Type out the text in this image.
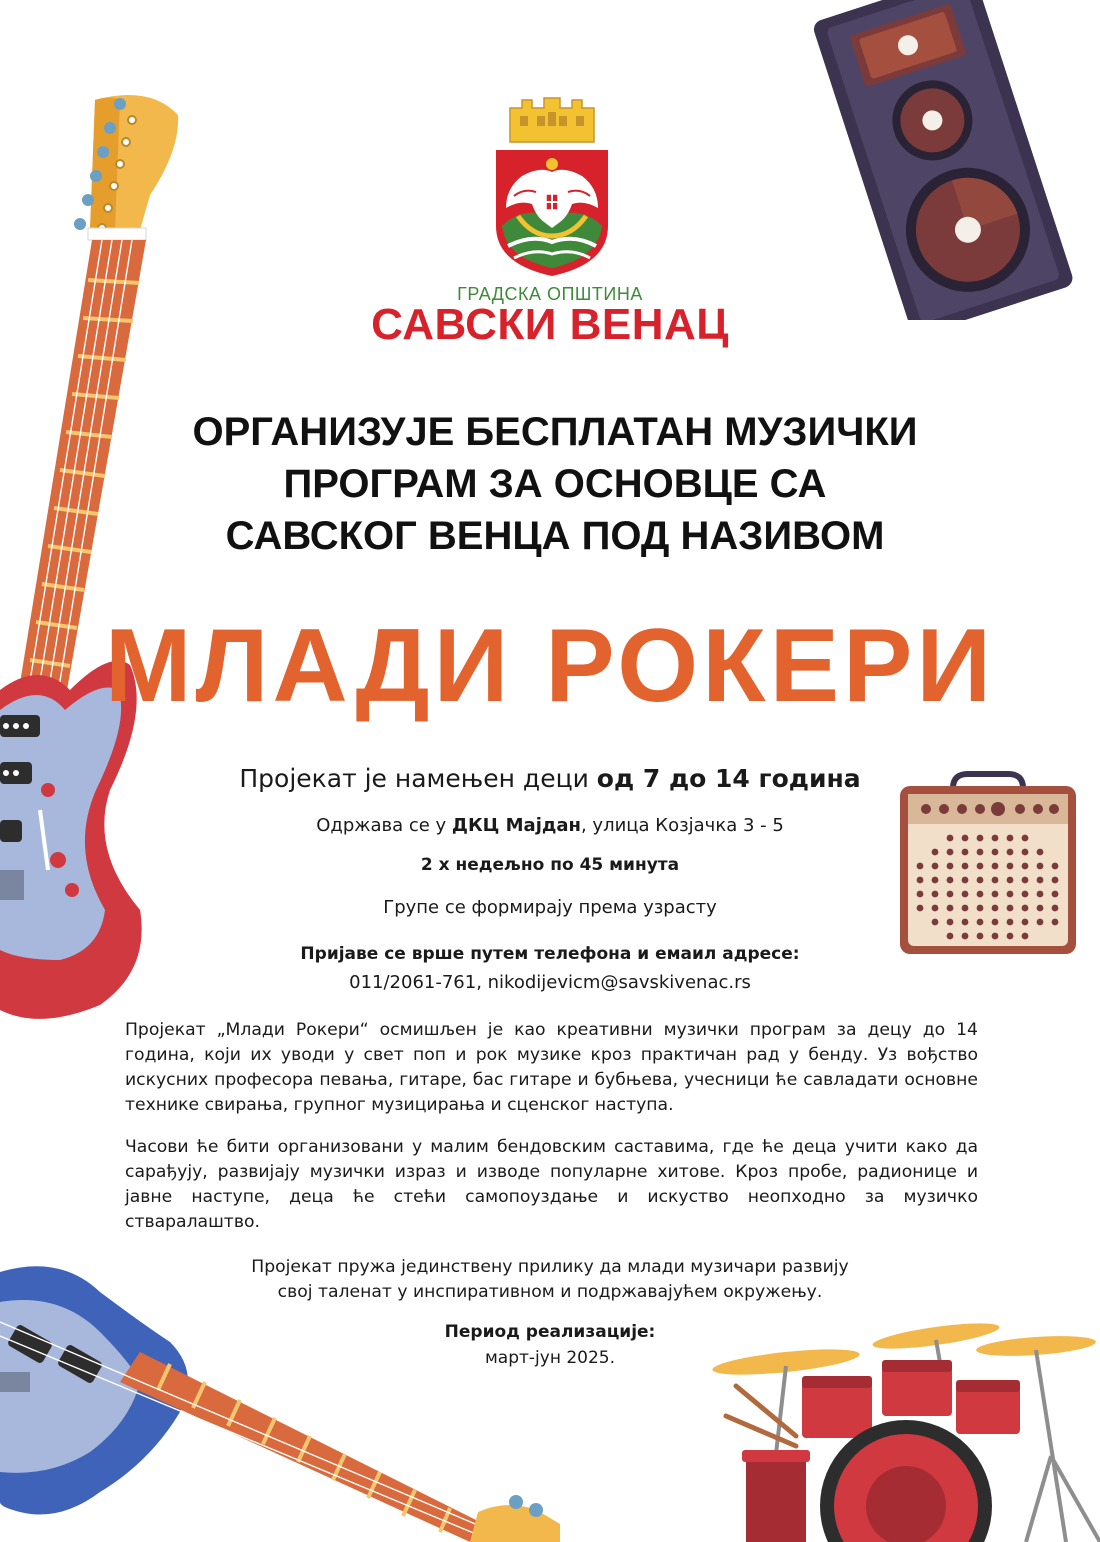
ГРАДСКА ОПШТИНА
САВСКИ ВЕНАЦ
ОРГАНИЗУЈЕ БЕСПЛАТАН МУЗИЧКИ
ПРОГРАМ ЗА ОСНОВЦЕ СА
САВСКОГ ВЕНЦА ПОД НАЗИВОМ
МЛАДИ РОКЕРИ
Пројекат је намењен деци од 7 до 14 година
Одржава се у ДКЦ Мајдан, улица Козјачка 3 - 5
2 х недељно по 45 минута
Групе се формирају према узрасту
Пријаве се врше путем телефона и емаил адресе:
011/2061-761, nikodijevicm@savskivenac.rs
Пројекат „Млади Рокери“ осмишљен је као креативни музички програм за децу до 14 година, који их уводи у свет поп и рок музике кроз практичан рад у бенду. Уз вођство искусних професора певања, гитаре, бас гитаре и бубњева, учесници ће савладати основне технике свирања, групног музицирања и сценског наступа.
Часови ће бити организовани у малим бендовским саставима, где ће деца учити како да сарађују, развијају музички израз и изводе популарне хитове. Кроз пробе, радионице и јавне наступе, деца ће стећи самопоуздање и искуство неопходно за музичко стваралаштво.
Пројекат пружа јединствену прилику да млади музичари развију
свој таленат у инспиративном и подржавајућем окружењу.
Период реализације:
март-јун 2025.
